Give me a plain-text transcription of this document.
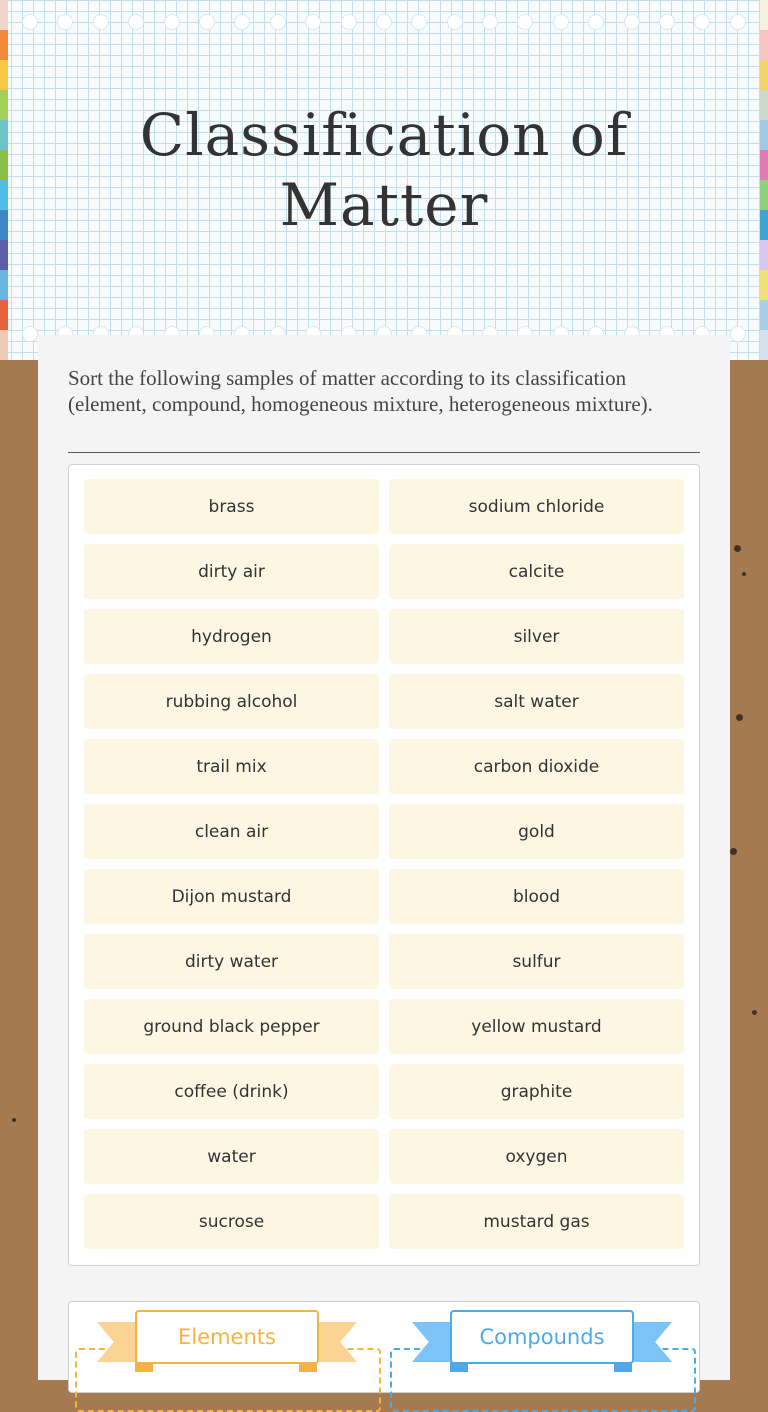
Classification of
Matter
Sort the following samples of matter according to its classification (element, compound, homogeneous mixture, heterogeneous mixture).
brass	sodium chloride
dirty air	calcite
hydrogen	silver
rubbing alcohol	salt water
trail mix	carbon dioxide
clean air	gold
Dijon mustard	blood
dirty water	sulfur
ground black pepper	yellow mustard
coffee (drink)	graphite
water	oxygen
sucrose	mustard gas
Elements	Compounds
